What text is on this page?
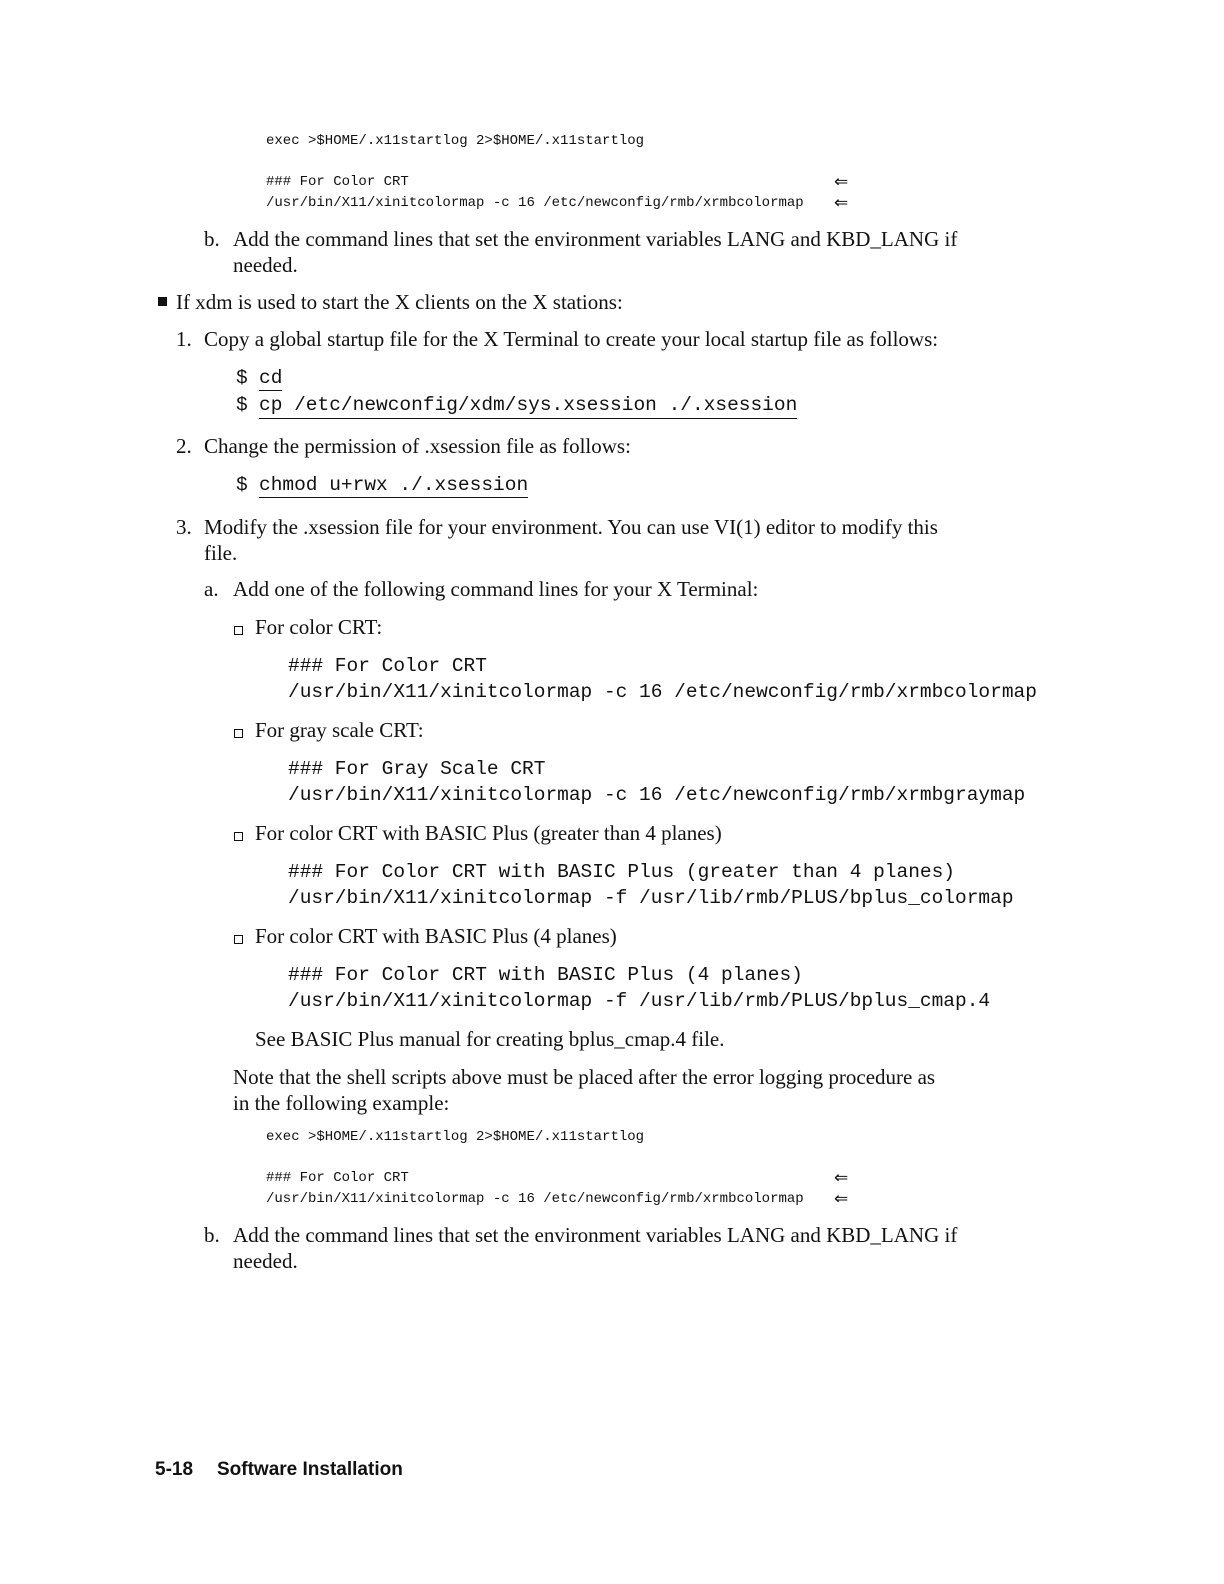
exec >$HOME/.x11startlog 2>$HOME/.x11startlog
### For Color CRT	⇐
/usr/bin/X11/xinitcolormap -c 16 /etc/newconfig/rmb/xrmbcolormap ⇐
b. Add the command lines that set the environment variables LANG and KBD_LANG if
needed.
If xdm is used to start the X clients on the X stations:
1. Copy a global startup file for the X Terminal to create your local startup file as follows:
$ cd
$ cp /etc/newconfig/xdm/sys.xsession ./.xsession
2. Change the permission of .xsession file as follows:
$ chmod u+rwx ./.xsession
3. Modify the .xsession file for your environment. You can use VI(1) editor to modify this
file.
a. Add one of the following command lines for your X Terminal:
For color CRT:
### For Color CRT
/usr/bin/X11/xinitcolormap -c 16 /etc/newconfig/rmb/xrmbcolormap
For gray scale CRT:
### For Gray Scale CRT
/usr/bin/X11/xinitcolormap -c 16 /etc/newconfig/rmb/xrmbgraymap
For color CRT with BASIC Plus (greater than 4 planes)
### For Color CRT with BASIC Plus (greater than 4 planes)
/usr/bin/X11/xinitcolormap -f /usr/lib/rmb/PLUS/bplus_colormap
For color CRT with BASIC Plus (4 planes)
### For Color CRT with BASIC Plus (4 planes)
/usr/bin/X11/xinitcolormap -f /usr/lib/rmb/PLUS/bplus_cmap.4
See BASIC Plus manual for creating bplus_cmap.4 file.
Note that the shell scripts above must be placed after the error logging procedure as
in the following example:
exec >$HOME/.x11startlog 2>$HOME/.x11startlog
### For Color CRT	⇐
/usr/bin/X11/xinitcolormap -c 16 /etc/newconfig/rmb/xrmbcolormap ⇐
b. Add the command lines that set the environment variables LANG and KBD_LANG if
needed.
5-18 Software Installation
